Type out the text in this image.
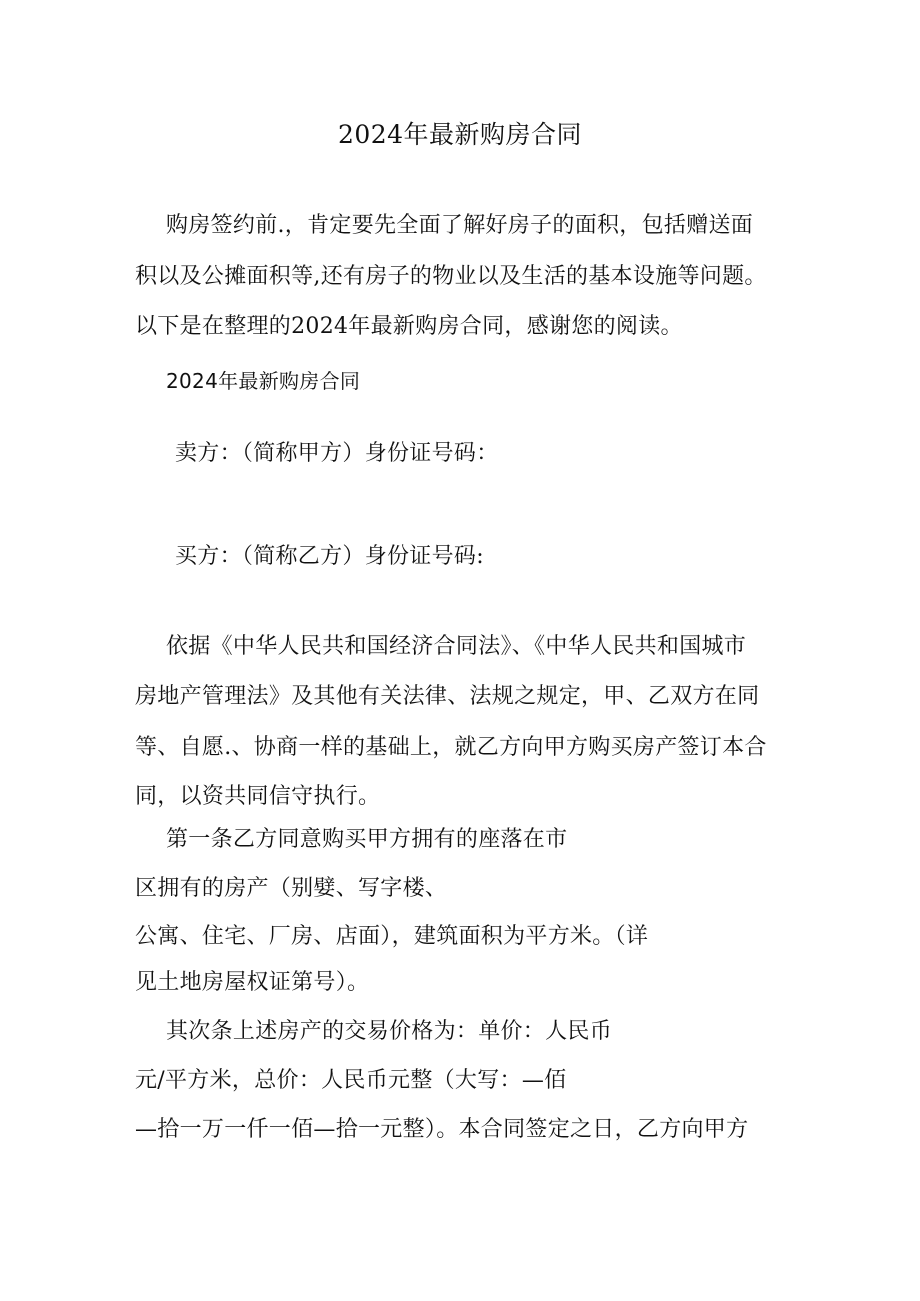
2024年最新购房合同
购房签约前.，肯定要先全面了解好房子的面积，包括赠送面
积以及公摊面积等,还有房子的物业以及生活的基本设施等问题。
以下是在整理的2024年最新购房合同，感谢您的阅读。
2024年最新购房合同
卖方：（简称甲方）身份证号码：
买方：（简称乙方）身份证号码:
依据《中华人民共和国经济合同法》、《中华人民共和国城市
房地产管理法》及其他有关法律、法规之规定，甲、乙双方在同
等、自愿.、协商一样的基础上，就乙方向甲方购买房产签订本合
同，以资共同信守执行。
第一条乙方同意购买甲方拥有的座落在市
区拥有的房产（别嬖、写字楼、
公寓、住宅、厂房、店面），建筑面积为平方米。（详
见土地房屋权证第号）。
其次条上述房产的交易价格为：单价：人民币
元/平方米，总价：人民币元整（大写：—佰
—拾一万一仟一佰—拾一元整）。本合同签定之日，乙方向甲方
